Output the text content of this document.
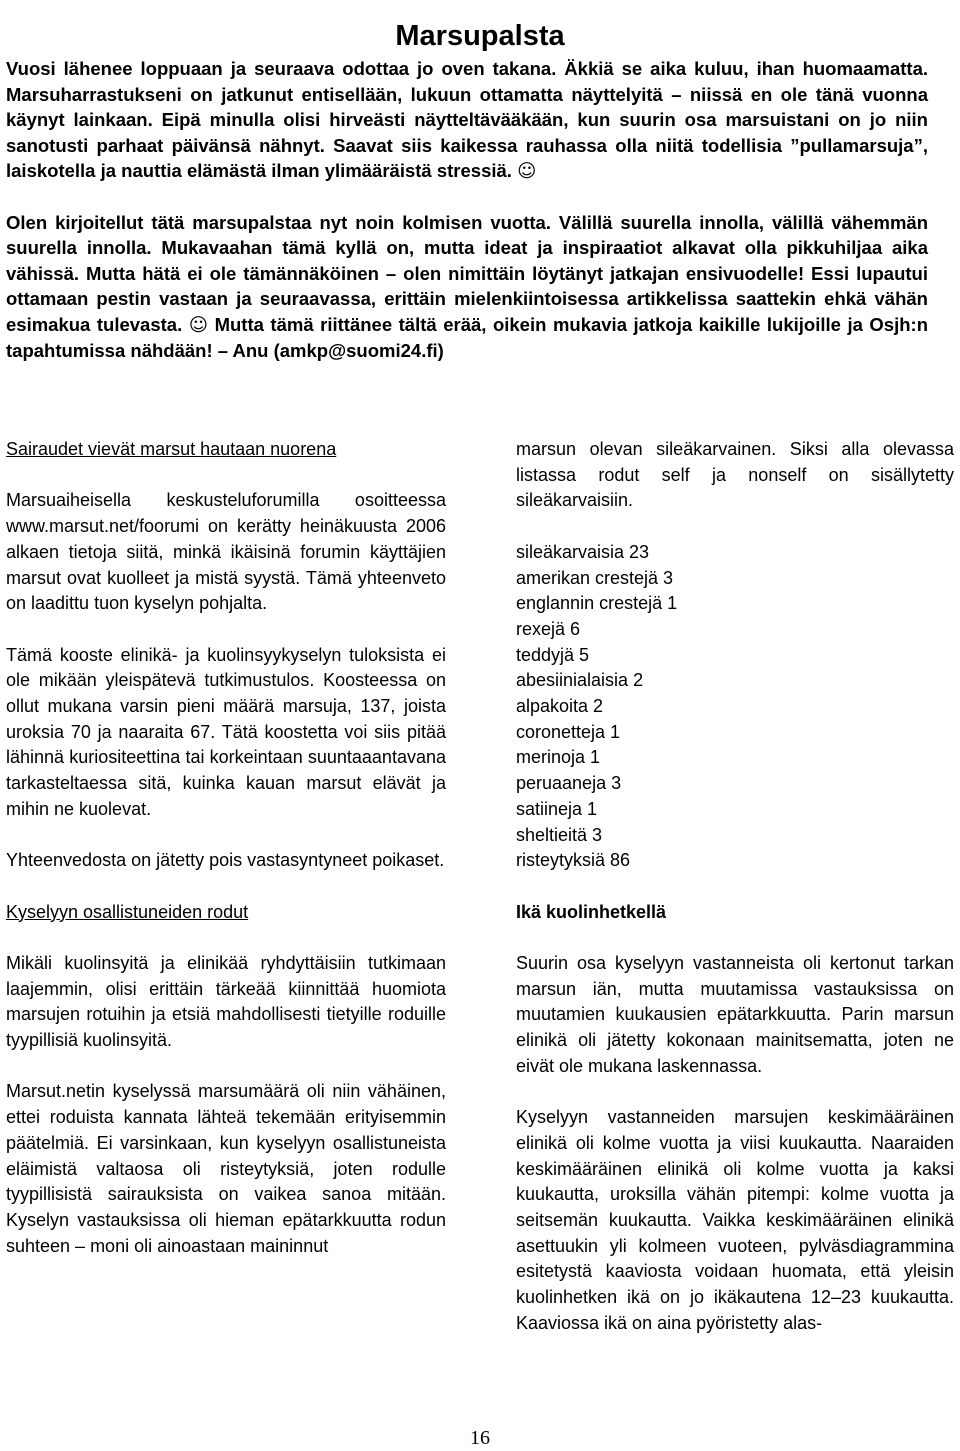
Marsupalsta

Vuosi lähenee loppuaan ja seuraava odottaa jo oven takana. Äkkiä se aika kuluu, ihan huomaamatta. Marsuharrastukseni on jatkunut entisellään, lukuun ottamatta näyttelyitä – niissä en ole tänä vuonna käynyt lainkaan. Eipä minulla olisi hirveästi näytteltävääkään, kun suurin osa marsuistani on jo niin sanotusti parhaat päivänsä nähnyt. Saavat siis kaikessa rauhassa olla niitä todellisia ”pullamarsuja”, laiskotella ja nauttia elämästä ilman ylimääräistä stressiä. ☺

Olen kirjoitellut tätä marsupalstaa nyt noin kolmisen vuotta. Välillä suurella innolla, välillä vähemmän suurella innolla. Mukavaahan tämä kyllä on, mutta ideat ja inspiraatiot alkavat olla pikkuhiljaa aika vähissä. Mutta hätä ei ole tämännäköinen – olen nimittäin löytänyt jatkajan ensivuodelle! Essi lupautui ottamaan pestin vastaan ja seuraavassa, erittäin mielenkiintoisessa artikkelissa saattekin ehkä vähän esimakua tulevasta. ☺ Mutta tämä riittänee tältä erää, oikein mukavia jatkoja kaikille lukijoille ja Osjh:n tapahtumissa nähdään! – Anu (amkp@suomi24.fi)

Sairaudet vievät marsut hautaan nuorena

Marsuaiheisella keskusteluforumilla osoitteessa www.marsut.net/foorumi on kerätty heinäkuusta 2006 alkaen tietoja siitä, minkä ikäisinä forumin käyttäjien marsut ovat kuolleet ja mistä syystä. Tämä yhteenveto on laadittu tuon kyselyn pohjalta.

Tämä kooste elinikä- ja kuolinsyykyselyn tuloksista ei ole mikään yleispätevä tutkimustulos. Koosteessa on ollut mukana varsin pieni määrä marsuja, 137, joista uroksia 70 ja naaraita 67. Tätä koostetta voi siis pitää lähinnä kuriositeettina tai korkeintaan suuntaaantavana tarkasteltaessa sitä, kuinka kauan marsut elävät ja mihin ne kuolevat.

Yhteenvedosta on jätetty pois vastasyntyneet poikaset.

Kyselyyn osallistuneiden rodut

Mikäli kuolinsyitä ja elinikää ryhdyttäisiin tutkimaan laajemmin, olisi erittäin tärkeää kiinnittää huomiota marsujen rotuihin ja etsiä mahdollisesti tietyille roduille tyypillisiä kuolinsyitä.

Marsut.netin kyselyssä marsumäärä oli niin vähäinen, ettei roduista kannata lähteä tekemään erityisemmin päätelmiä. Ei varsinkaan, kun kyselyyn osallistuneista eläimistä valtaosa oli risteytyksiä, joten rodulle tyypillisistä sairauksista on vaikea sanoa mitään. Kyselyn vastauksissa oli hieman epätarkkuutta rodun suhteen – moni oli ainoastaan maininnut

marsun olevan sileäkarvainen. Siksi alla olevassa listassa rodut self ja nonself on sisällytetty sileäkarvaisiin.

sileäkarvaisia 23
amerikan crestejä 3
englannin crestejä 1
rexejä 6
teddyjä 5
abesiinialaisia 2
alpakoita 2
coronetteja 1
merinoja 1
peruaaneja 3
satiineja 1
sheltieitä 3
risteytyksiä 86
Ikä kuolinhetkellä

Suurin osa kyselyyn vastanneista oli kertonut tarkan marsun iän, mutta muutamissa vastauksissa on muutamien kuukausien epätarkkuutta. Parin marsun elinikä oli jätetty kokonaan mainitsematta, joten ne eivät ole mukana laskennassa.

Kyselyyn vastanneiden marsujen keskimääräinen elinikä oli kolme vuotta ja viisi kuukautta. Naaraiden keskimääräinen elinikä oli kolme vuotta ja kaksi kuukautta, uroksilla vähän pitempi: kolme vuotta ja seitsemän kuukautta. Vaikka keskimääräinen elinikä asettuukin yli kolmeen vuoteen, pylväsdiagrammina esitetystä kaaviosta voidaan huomata, että yleisin kuolinhetken ikä on jo ikäkautena 12–23 kuukautta. Kaaviossa ikä on aina pyöristetty alas-

16
